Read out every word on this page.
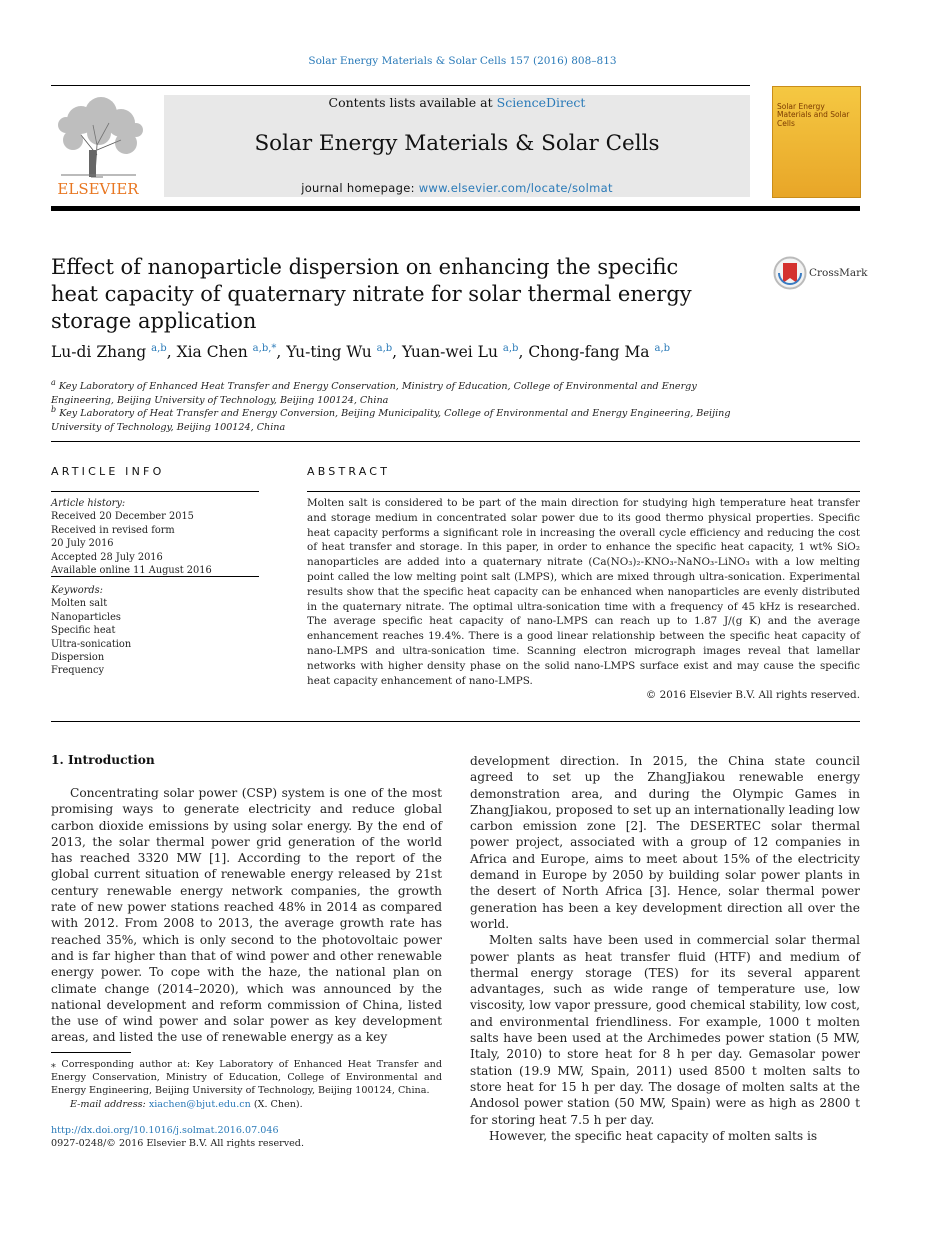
Solar Energy Materials & Solar Cells 157 (2016) 808–813
ELSEVIER
Contents lists available at ScienceDirect
Solar Energy Materials & Solar Cells
journal homepage: www.elsevier.com/locate/solmat
Solar Energy Materials and Solar Cells
Effect of nanoparticle dispersion on enhancing the specific heat capacity of quaternary nitrate for solar thermal energy storage application
CrossMark
Lu-di Zhang $^{a,b}$, Xia Chen $^{a,b,*}$, Yu-ting Wu $^{a,b}$, Yuan-wei Lu $^{a,b}$, Chong-fang Ma $^{a,b}$
$^a$ Key Laboratory of Enhanced Heat Transfer and Energy Conservation, Ministry of Education, College of Environmental and Energy Engineering, Beijing University of Technology, Beijing 100124, China
$^b$ Key Laboratory of Heat Transfer and Energy Conversion, Beijing Municipality, College of Environmental and Energy Engineering, Beijing University of Technology, Beijing 100124, China
ARTICLE INFO
Article history:
Received 20 December 2015
Received in revised form
20 July 2016
Accepted 28 July 2016
Available online 11 August 2016
Keywords:
Molten salt
Nanoparticles
Specific heat
Ultra-sonication
Dispersion
Frequency
ABSTRACT
Molten salt is considered to be part of the main direction for studying high temperature heat transfer and storage medium in concentrated solar power due to its good thermo physical properties. Specific heat capacity performs a significant role in increasing the overall cycle efficiency and reducing the cost of heat transfer and storage. In this paper, in order to enhance the specific heat capacity, 1 wt% SiO₂ nanoparticles are added into a quaternary nitrate (Ca(NO₃)₂-KNO₃-NaNO₃-LiNO₃ with a low melting point called the low melting point salt (LMPS), which are mixed through ultra-sonication. Experimental results show that the specific heat capacity can be enhanced when nanoparticles are evenly distributed in the quaternary nitrate. The optimal ultra-sonication time with a frequency of 45 kHz is researched. The average specific heat capacity of nano-LMPS can reach up to 1.87 J/(g K) and the average enhancement reaches 19.4%. There is a good linear relationship between the specific heat capacity of nano-LMPS and ultra-sonication time. Scanning electron micrograph images reveal that lamellar networks with higher density phase on the solid nano-LMPS surface exist and may cause the specific heat capacity enhancement of nano-LMPS.
© 2016 Elsevier B.V. All rights reserved.
1. Introduction

Concentrating solar power (CSP) system is one of the most promising ways to generate electricity and reduce global carbon dioxide emissions by using solar energy. By the end of 2013, the solar thermal power grid generation of the world has reached 3320 MW [1]. According to the report of the global current situation of renewable energy released by 21st century renewable energy network companies, the growth rate of new power stations reached 48% in 2014 as compared with 2012. From 2008 to 2013, the average growth rate has reached 35%, which is only second to the photovoltaic power and is far higher than that of wind power and other renewable energy power. To cope with the haze, the national plan on climate change (2014–2020), which was announced by the national development and reform commission of China, listed the use of wind power and solar power as key development areas, and listed the use of renewable energy as a key

development direction. In 2015, the China state council agreed to set up the ZhangJiakou renewable energy demonstration area, and during the Olympic Games in ZhangJiakou, proposed to set up an internationally leading low carbon emission zone [2]. The DESERTEC solar thermal power project, associated with a group of 12 companies in Africa and Europe, aims to meet about 15% of the electricity demand in Europe by 2050 by building solar power plants in the desert of North Africa [3]. Hence, solar thermal power generation has been a key development direction all over the world.

Molten salts have been used in commercial solar thermal power plants as heat transfer fluid (HTF) and medium of thermal energy storage (TES) for its several apparent advantages, such as wide range of temperature use, low viscosity, low vapor pressure, good chemical stability, low cost, and environmental friendliness. For example, 1000 t molten salts have been used at the Archimedes power station (5 MW, Italy, 2010) to store heat for 8 h per day. Gemasolar power station (19.9 MW, Spain, 2011) used 8500 t molten salts to store heat for 15 h per day. The dosage of molten salts at the Andosol power station (50 MW, Spain) were as high as 2800 t for storing heat 7.5 h per day.

However, the specific heat capacity of molten salts is

⁎ Corresponding author at: Key Laboratory of Enhanced Heat Transfer and Energy Conservation, Ministry of Education, College of Environmental and Energy Engineering, Beijing University of Technology, Beijing 100124, China.
E-mail address: xiachen@bjut.edu.cn (X. Chen).
http://dx.doi.org/10.1016/j.solmat.2016.07.046
0927-0248/© 2016 Elsevier B.V. All rights reserved.
